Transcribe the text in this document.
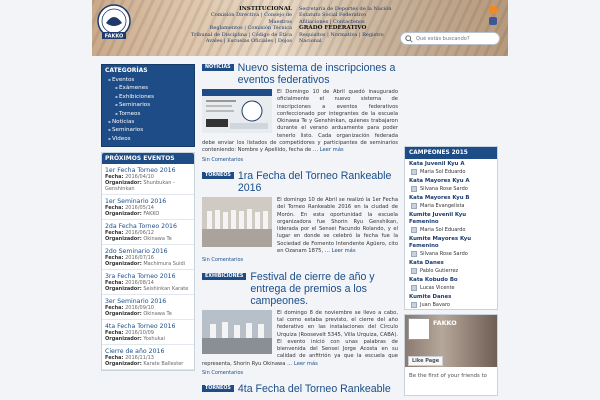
FAKKO
INSTITUCIONAL
Comisión Directiva | Consejo de Maestros
Reglamentos | Comisión Técnica
Tribunal de Disciplina | Código de Ética
Avales | Escuelas Oficiales | Dojos
Secretaría de Deportes de la Nación
Estatuto Social Federativo
Afiliaciones | Contactenos
GRADO FEDERATIVO
Requisitos | Normativa | Registro
Nacional
Qué estás buscando?
CATEGORÍAS
▪ Eventos
▪ Exámenes
▪ Exhibiciones
▪ Seminarios
▪ Torneos
▪ Noticias
▪ Seminarios
▪ Videos
PRÓXIMOS EVENTOS
1er Fecha Torneo 2016
Fecha: 2016/04/10
Organizador: Shunbukan - Genshinkan
1er Seminario 2016
Fecha: 2016/05/14
Organizador: FAKKO
2da Fecha Torneo 2016
Fecha: 2016/06/12
Organizador: Okinawa Te
2do Seminario 2016
Fecha: 2016/07/16
Organizador: Machimura Suidi
3ra Fecha Torneo 2016
Fecha: 2016/08/14
Organizador: Seishinkan Karate
3er Seminario 2016
Fecha: 2016/09/10
Organizador: Okinawa Te
4ta Fecha Torneo 2016
Fecha: 2016/10/09
Organizador: Yoshukai
Cierre de año 2016
Fecha: 2016/11/13
Organizador: Karate Ballester
NOTICIAS Nuevo sistema de inscripciones a eventos federativos
El Domingo 10 de Abril quedó inaugurado oficialmente el nuevo sistema de inscripciones a eventos federativos confeccionado por integrantes de la escuela Okinawa Te y Genshinkan, quienes trabajaron durante el verano arduamente para poder tenerlo listo. Cada organización federada debe enviar los listados de competidores y participantes de seminarios conteniendo: Nombre y Apellido, fecha de … Leer más
Sin Comentarios
TORNEOS 1ra Fecha del Torneo Rankeable 2016
El domingo 10 de Abril se realizó la 1er Fecha del Torneo Rankeable 2016 en la ciudad de Morón. En esta oportunidad la escuela organizadora fue Shorin Ryu Genshikan, liderada por el Sensei Facundo Rolando, y el lugar en donde se celebró la fecha fue la Sociedad de Fomento Intendente Agüero, cito en Ozanam 1875, … Leer más
Sin Comentarios
EXHIBICIONES Festival de cierre de año y entrega de premios a los campeones.
El domingo 8 de noviembre se llevo a cabo, tal como estaba previsto, el cierre del año federativo en las instalaciones del Círculo Urquiza (Roosevelt 5345, Villa Urquiza, CABA). El evento inició con unas palabras de bienvenida del Sensei Jorge Acosta en su calidad de anfitrión ya que la escuela que representa, Shorin Ryu Okinawa … Leer más
Sin Comentarios
TORNEOS 4ta Fecha del Torneo Rankeable
CAMPEONES 2015
Kata Juvenil Kyu A
Maria Sol Eduardo
Kata Mayores Kyu A
Silvana Rose Sardo
Kata Mayores Kyu B
Maria Evangelista
Kumite Juvenil Kyu Femenino
Maria Sol Eduardo
Kumite Mayores Kyu Femenino
Silvana Rose Sardo
Kata Danes
Pablo Gutierrez
Kata Kobudo Bo
Lucas Vicente
Kumite Danes
Juan Bavaro
FAKKO
Like Page
Be the first of your friends to
